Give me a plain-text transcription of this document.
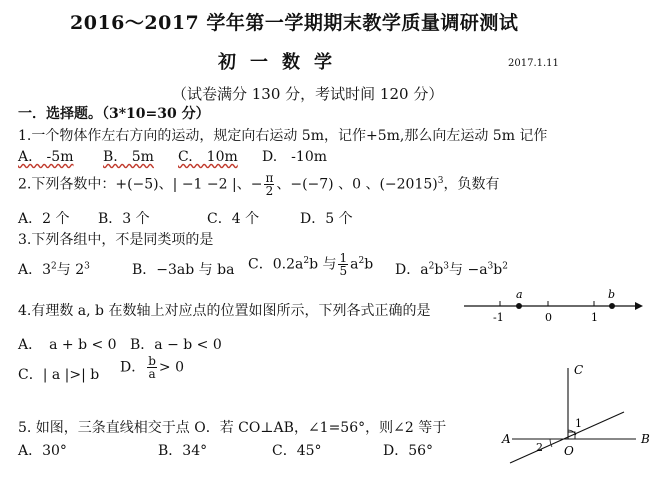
2016～2017 学年第一学期期末教学质量调研测试
初一数学	2017.1.11
（试卷满分 130 分，考试时间 120 分）
一．选择题。（3*10=30 分）
1.一个物体作左右方向的运动，规定向右运动 5m，记作+5m,那么向左运动 5m 记作
A.　-5m B.　5m C.　10m D.　-10m
2.下列各数中：+(−5)、| −1 −2 |、− $\frac{\pi}{2}$ 、−(−7) 、0 、$(-2015)^3$，负数有
A．2 个 B．3 个	C．4 个	D．5 个
3.下列各组中，不是同类项的是
A．$3^2$与 $2^3$	B．−3ab 与 ba C．$0.2a^2b$ 与 $\frac{1}{5} a^2b$ D．$a^2b^3$与 $-a^3b^2$
4.有理数 a, b 在数轴上对应点的位置如图所示，下列各式正确的是
A．　a + b < 0 B．a − b < 0
C．| a |>| b D． $\frac{b}{a} > 0$
a	b
-1	0	1
5. 如图，三条直线相交于点 O．若 CO⊥AB，∠1=56°，则∠2 等于
A．30°	B．34°	C．45°	D．56°
A	B
C
O
1
2
